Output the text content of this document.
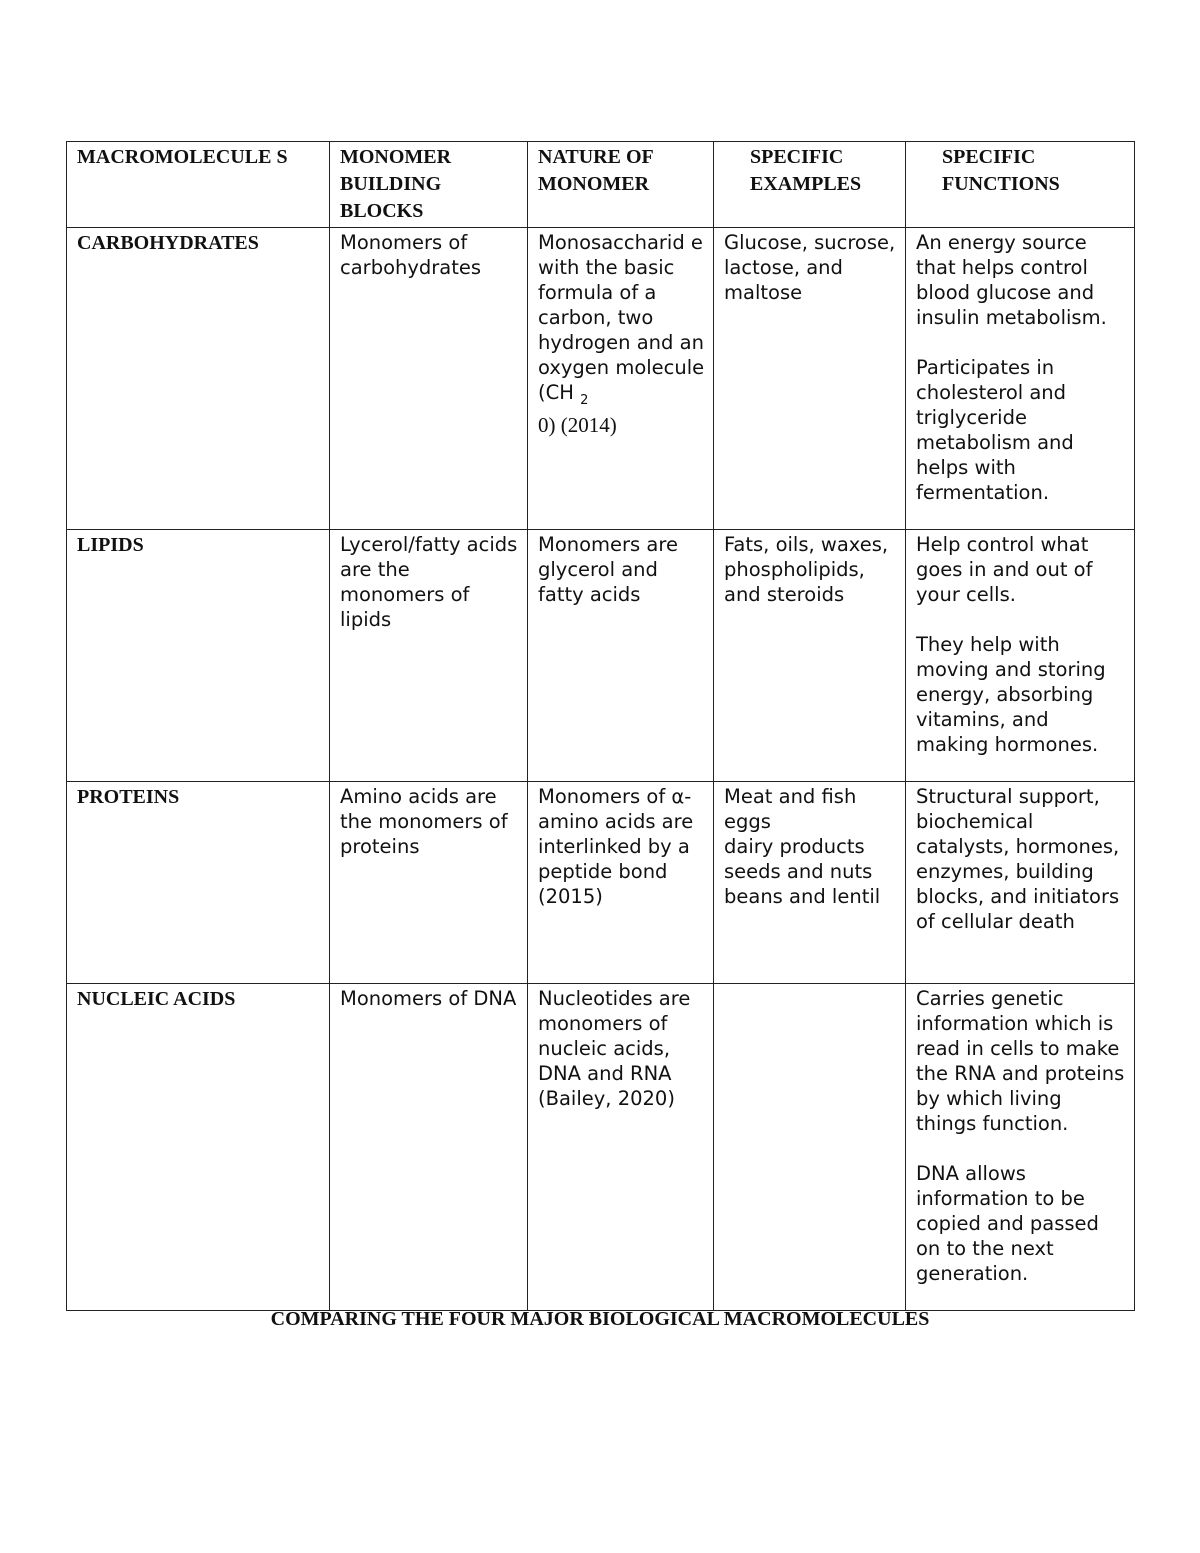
MACROMOLECULE S	MONOMER BUILDING BLOCKS	NATURE OF MONOMER	SPECIFIC EXAMPLES	SPECIFIC FUNCTIONS
CARBOHYDRATES	Monomers of carbohydrates	Monosaccharid e with the basic formula of a carbon, two hydrogen and an oxygen molecule (CH $_2$
0) (2014)	Glucose, sucrose, lactose, and maltose	An energy source that helps control blood glucose and insulin metabolism.
Participates in cholesterol and triglyceride metabolism and helps with fermentation.

LIPIDS	Lycerol/fatty acids are the monomers of lipids	Monomers are glycerol and fatty acids	Fats, oils, waxes, phospholipids, and steroids	Help control what goes in and out of your cells.
They help with moving and storing energy, absorbing vitamins, and making hormones.

PROTEINS	Amino acids are the monomers of proteins	Monomers of α-amino acids are interlinked by a peptide bond (2015)	Meat and fish
eggs
dairy products
seeds and nuts
beans and lentil	Structural support, biochemical catalysts, hormones, enzymes, building blocks, and initiators of cellular death
NUCLEIC ACIDS	Monomers of DNA	Nucleotides are monomers of nucleic acids, DNA and RNA (Bailey, 2020)		Carries genetic information which is read in cells to make the RNA and proteins by which living things function.
DNA allows information to be copied and passed on to the next generation.
COMPARING THE FOUR MAJOR BIOLOGICAL MACROMOLECULES
